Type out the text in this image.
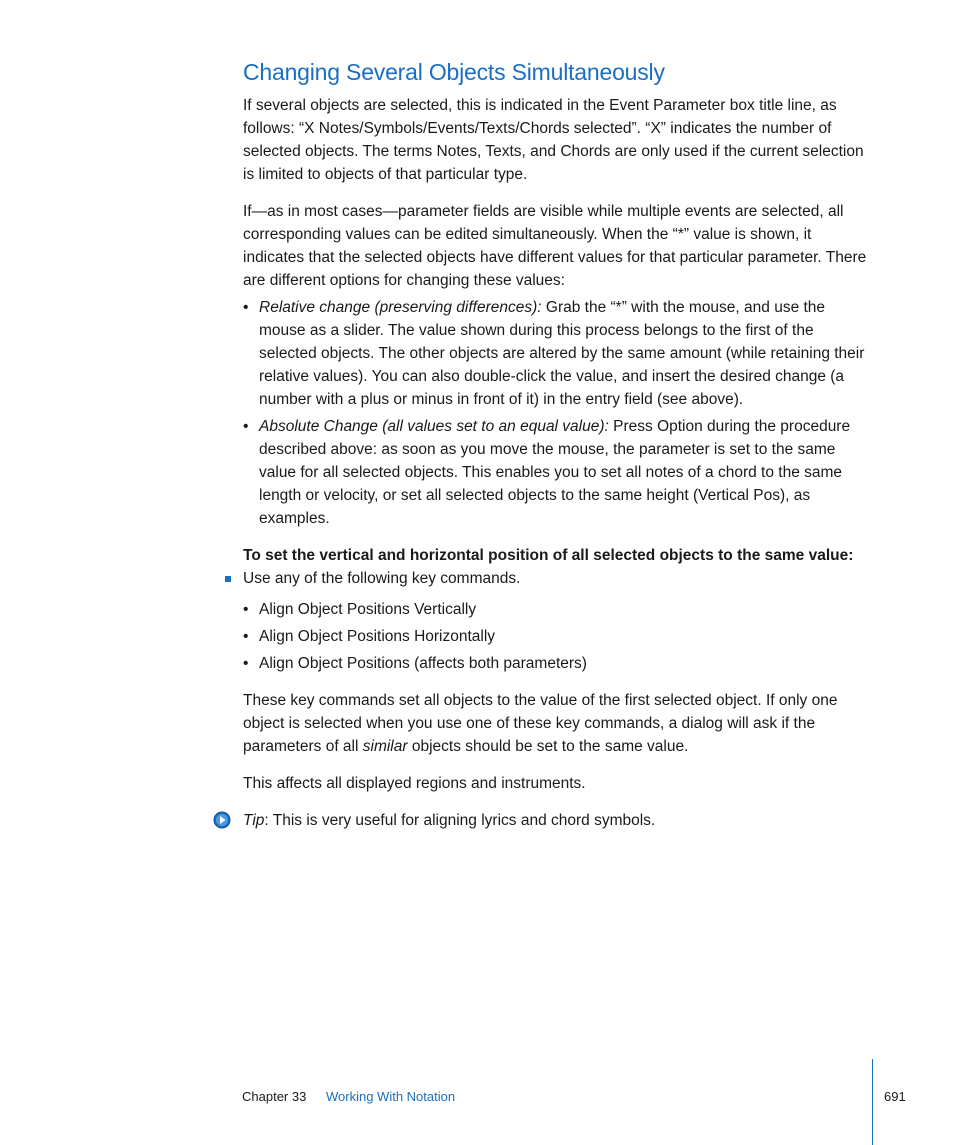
Changing Several Objects Simultaneously

If several objects are selected, this is indicated in the Event Parameter box title line, as follows: “X Notes/Symbols/Events/Texts/Chords selected”. “X” indicates the number of selected objects. The terms Notes, Texts, and Chords are only used if the current selection is limited to objects of that particular type.

If—as in most cases—parameter fields are visible while multiple events are selected, all corresponding values can be edited simultaneously. When the “*” value is shown, it indicates that the selected objects have different values for that particular parameter. There are different options for changing these values:

• Relative change (preserving differences): Grab the “*” with the mouse, and use the mouse as a slider. The value shown during this process belongs to the first of the selected objects. The other objects are altered by the same amount (while retaining their relative values). You can also double-click the value, and insert the desired change (a number with a plus or minus in front of it) in the entry field (see above).
• Absolute Change (all values set to an equal value): Press Option during the procedure described above: as soon as you move the mouse, the parameter is set to the same value for all selected objects. This enables you to set all notes of a chord to the same length or velocity, or set all selected objects to the same height (Vertical Pos), as examples.
To set the vertical and horizontal position of all selected objects to the same value:
Use any of the following key commands.
• Align Object Positions Vertically
• Align Object Positions Horizontally
• Align Object Positions (affects both parameters)

These key commands set all objects to the value of the first selected object. If only one object is selected when you use one of these key commands, a dialog will ask if the parameters of all similar objects should be set to the same value.

This affects all displayed regions and instruments.

Tip: This is very useful for aligning lyrics and chord symbols.
Chapter 33 Working With Notation	691
